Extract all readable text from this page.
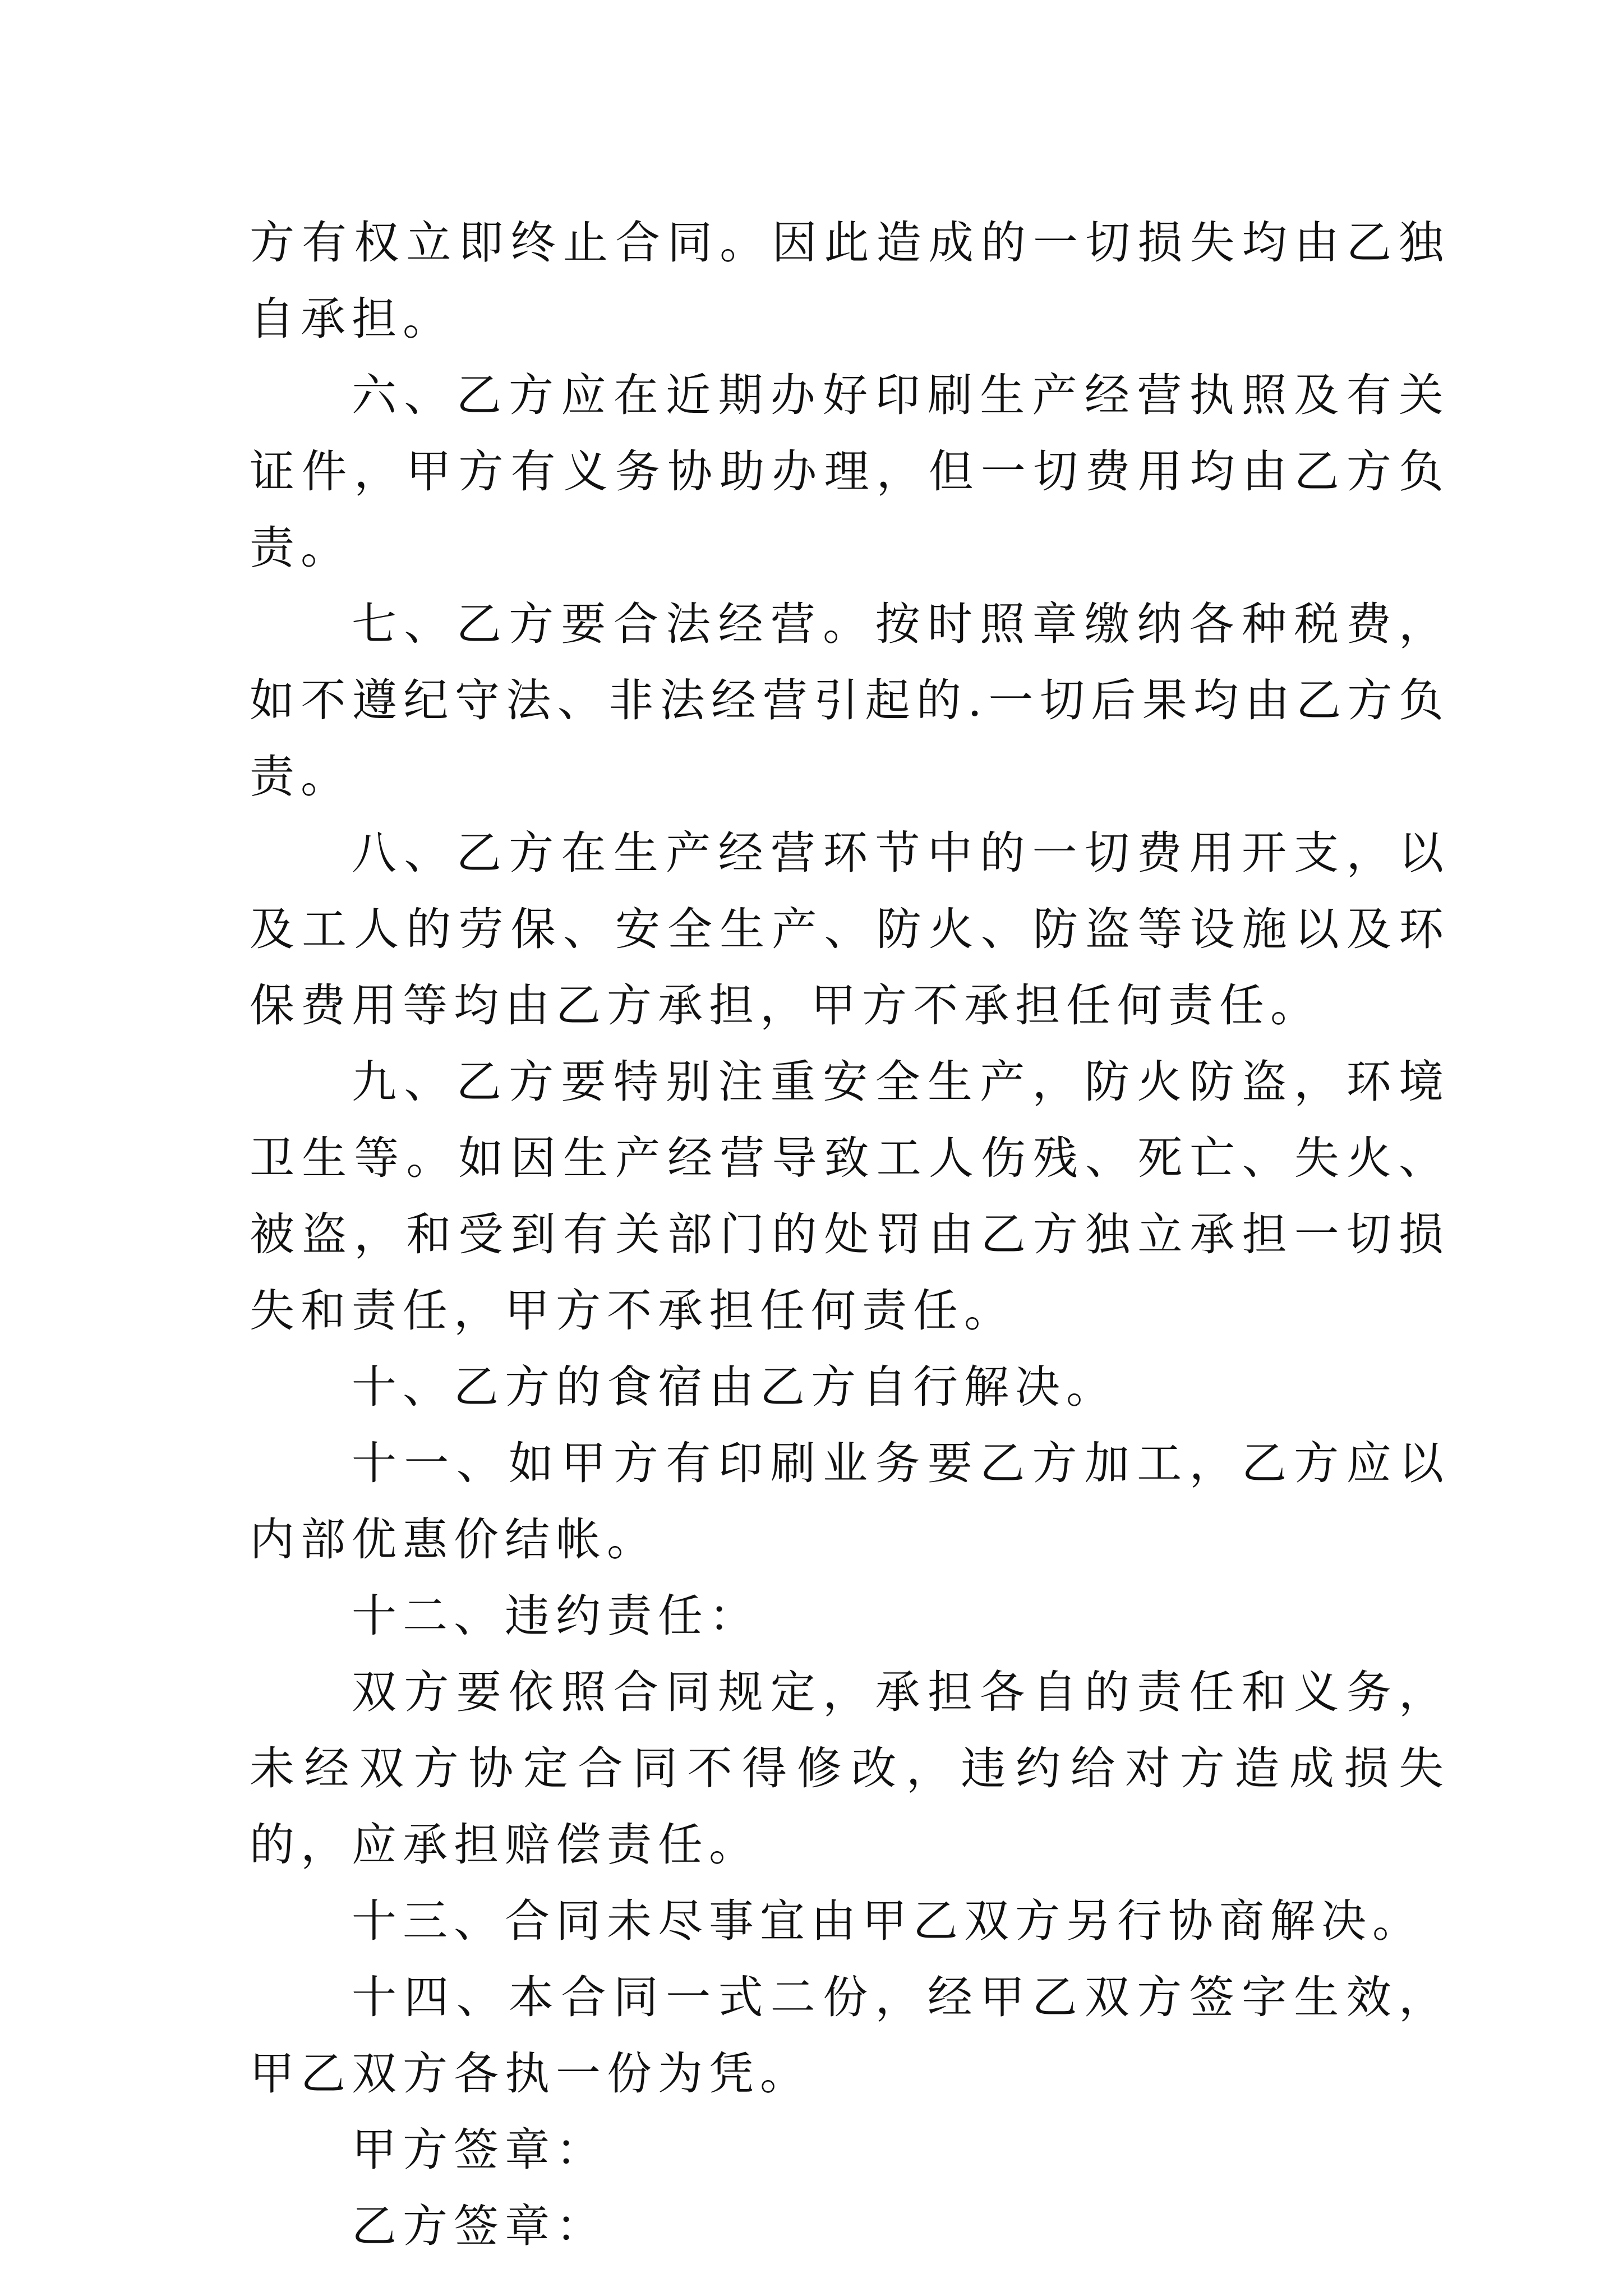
方有权立即终止合同。因此造成的一切损失均由乙独自承担。

六、乙方应在近期办好印刷生产经营执照及有关证件，甲方有义务协助办理，但一切费用均由乙方负责。

七、乙方要合法经营。按时照章缴纳各种税费，如不遵纪守法、非法经营引起的.一切后果均由乙方负责。

八、乙方在生产经营环节中的一切费用开支，以及工人的劳保、安全生产、防火、防盗等设施以及环保费用等均由乙方承担，甲方不承担任何责任。

九、乙方要特别注重安全生产，防火防盗，环境卫生等。如因生产经营导致工人伤残、死亡、失火、被盗，和受到有关部门的处罚由乙方独立承担一切损失和责任，甲方不承担任何责任。

十、乙方的食宿由乙方自行解决。

十一、如甲方有印刷业务要乙方加工，乙方应以内部优惠价结帐。

十二、违约责任：

双方要依照合同规定，承担各自的责任和义务，未经双方协定合同不得修改，违约给对方造成损失的，应承担赔偿责任。

十三、合同未尽事宜由甲乙双方另行协商解决。

十四、本合同一式二份，经甲乙双方签字生效，甲乙双方各执一份为凭。

甲方签章：

乙方签章：
